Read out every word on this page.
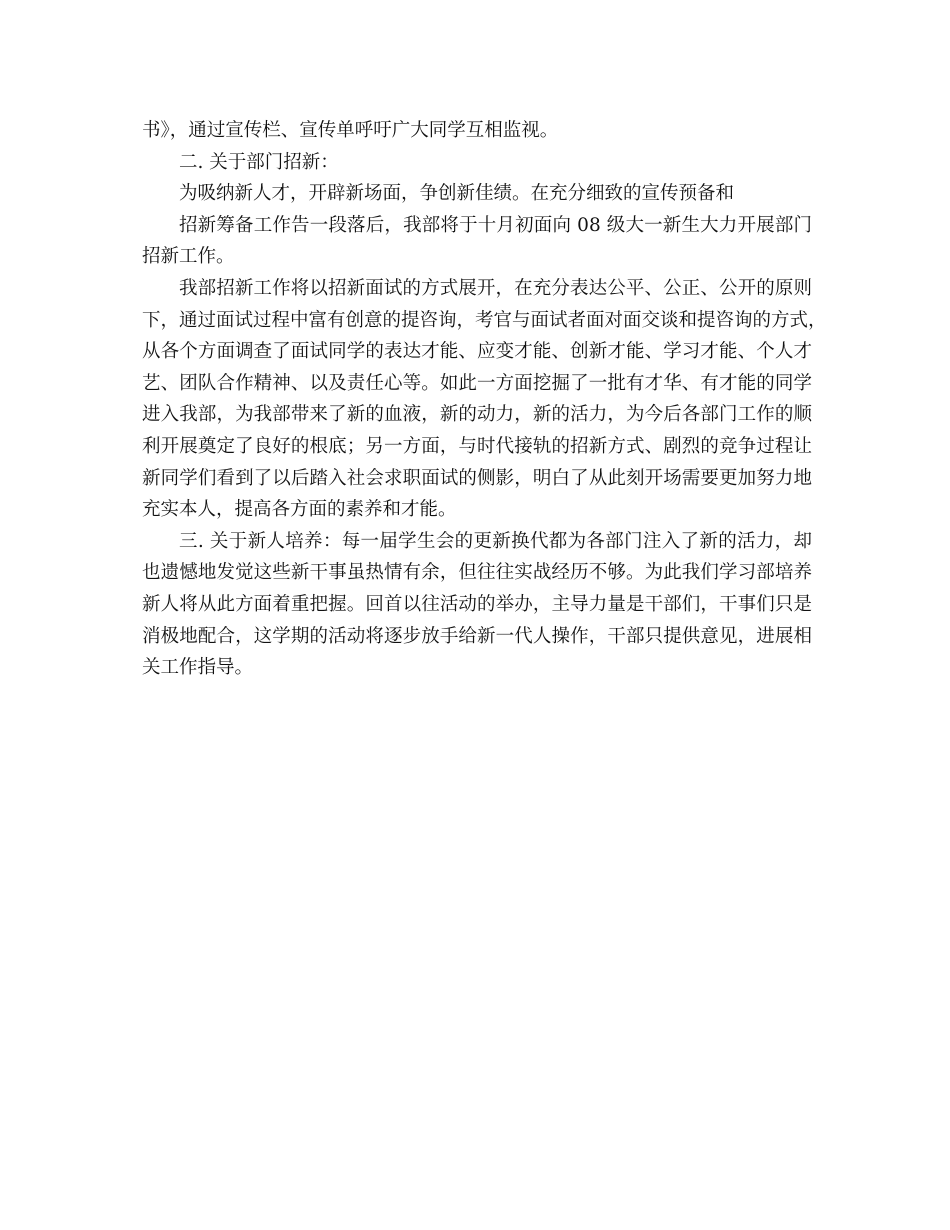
书》，通过宣传栏、宣传单呼吁广大同学互相监视。
二. 关于部门招新：
为吸纳新人才，开辟新场面，争创新佳绩。在充分细致的宣传预备和
招新筹备工作告一段落后，我部将于十月初面向 08 级大一新生大力开展部门
招新工作。
我部招新工作将以招新面试的方式展开，在充分表达公平、公正、公开的原则
下，通过面试过程中富有创意的提咨询，考官与面试者面对面交谈和提咨询的方式，
从各个方面调查了面试同学的表达才能、应变才能、创新才能、学习才能、个人才
艺、团队合作精神、以及责任心等。如此一方面挖掘了一批有才华、有才能的同学
进入我部，为我部带来了新的血液，新的动力，新的活力，为今后各部门工作的顺
利开展奠定了良好的根底；另一方面，与时代接轨的招新方式、剧烈的竞争过程让
新同学们看到了以后踏入社会求职面试的侧影，明白了从此刻开场需要更加努力地
充实本人，提高各方面的素养和才能。
三. 关于新人培养：每一届学生会的更新换代都为各部门注入了新的活力，却
也遗憾地发觉这些新干事虽热情有余，但往往实战经历不够。为此我们学习部培养
新人将从此方面着重把握。回首以往活动的举办，主导力量是干部们，干事们只是
消极地配合，这学期的活动将逐步放手给新一代人操作，干部只提供意见，进展相
关工作指导。
